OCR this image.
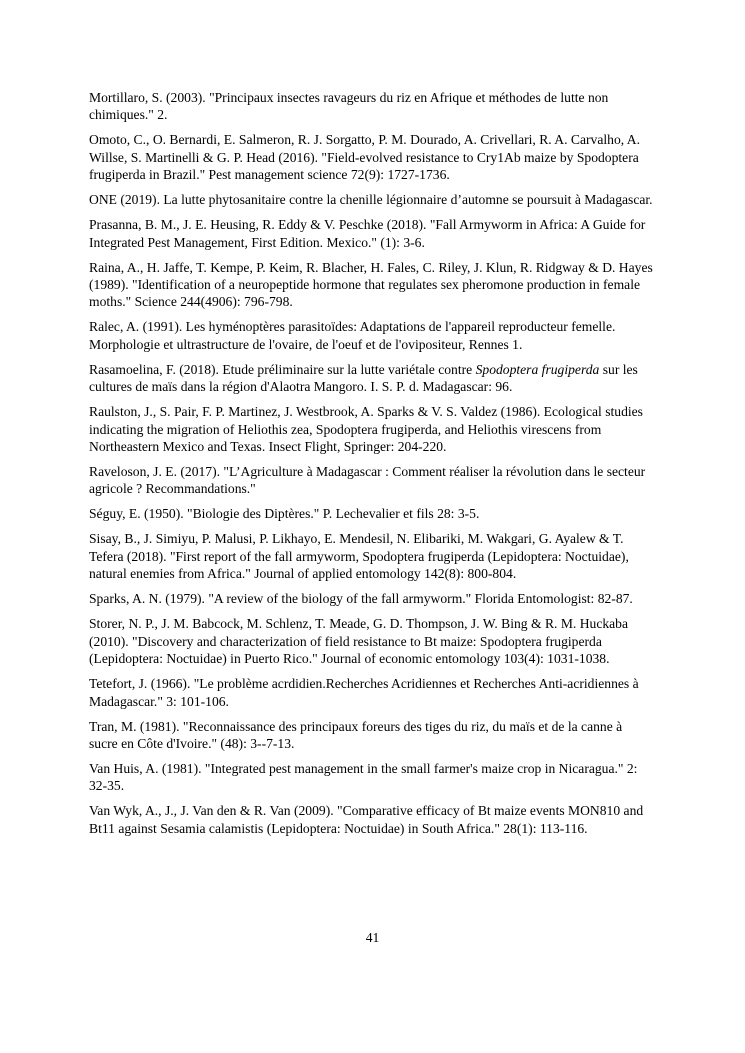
Mortillaro, S. (2003). "Principaux insectes ravageurs du riz en Afrique et méthodes de lutte non chimiques." 2.

Omoto, C., O. Bernardi, E. Salmeron, R. J. Sorgatto, P. M. Dourado, A. Crivellari, R. A. Carvalho, A. Willse, S. Martinelli & G. P. Head (2016). "Field‐evolved resistance to Cry1Ab maize by Spodoptera frugiperda in Brazil." Pest management science 72(9): 1727-1736.

ONE (2019). La lutte phytosanitaire contre la chenille légionnaire d’automne se poursuit à Madagascar.

Prasanna, B. M., J. E. Heusing, R. Eddy & V. Peschke (2018). "Fall Armyworm in Africa: A Guide for Integrated Pest Management, First Edition. Mexico." (1): 3-6.

Raina, A., H. Jaffe, T. Kempe, P. Keim, R. Blacher, H. Fales, C. Riley, J. Klun, R. Ridgway & D. Hayes (1989). "Identification of a neuropeptide hormone that regulates sex pheromone production in female moths." Science 244(4906): 796-798.

Ralec, A. (1991). Les hyménoptères parasitoïdes: Adaptations de l'appareil reproducteur femelle. Morphologie et ultrastructure de l'ovaire, de l'oeuf et de l'ovipositeur, Rennes 1.

Rasamoelina, F. (2018). Etude préliminaire sur la lutte variétale contre Spodoptera frugiperda sur les cultures de maïs dans la région d'Alaotra Mangoro. I. S. P. d. Madagascar: 96.

Raulston, J., S. Pair, F. P. Martinez, J. Westbrook, A. Sparks & V. S. Valdez (1986). Ecological studies indicating the migration of Heliothis zea, Spodoptera frugiperda, and Heliothis virescens from Northeastern Mexico and Texas. Insect Flight, Springer: 204-220.

Raveloson, J. E. (2017). "L’Agriculture à Madagascar : Comment réaliser la révolution dans le secteur agricole ? Recommandations."

Séguy, E. (1950). "Biologie des Diptères." P. Lechevalier et fils 28: 3-5.

Sisay, B., J. Simiyu, P. Malusi, P. Likhayo, E. Mendesil, N. Elibariki, M. Wakgari, G. Ayalew & T. Tefera (2018). "First report of the fall armyworm, Spodoptera frugiperda (Lepidoptera: Noctuidae), natural enemies from Africa." Journal of applied entomology 142(8): 800-804.

Sparks, A. N. (1979). "A review of the biology of the fall armyworm." Florida Entomologist: 82-87.

Storer, N. P., J. M. Babcock, M. Schlenz, T. Meade, G. D. Thompson, J. W. Bing & R. M. Huckaba (2010). "Discovery and characterization of field resistance to Bt maize: Spodoptera frugiperda (Lepidoptera: Noctuidae) in Puerto Rico." Journal of economic entomology 103(4): 1031-1038.

Tetefort, J. (1966). "Le problème acrdidien.Recherches Acridiennes et Recherches Anti-acridiennes à Madagascar." 3: 101-106.

Tran, M. (1981). "Reconnaissance des principaux foreurs des tiges du riz, du maïs et de la canne à sucre en Côte d'Ivoire." (48): 3--7-13.

Van Huis, A. (1981). "Integrated pest management in the small farmer's maize crop in Nicaragua." 2: 32-35.

Van Wyk, A., J., J. Van den & R. Van (2009). "Comparative efficacy of Bt maize events MON810 and Bt11 against Sesamia calamistis (Lepidoptera: Noctuidae) in South Africa." 28(1): 113-116.

41
